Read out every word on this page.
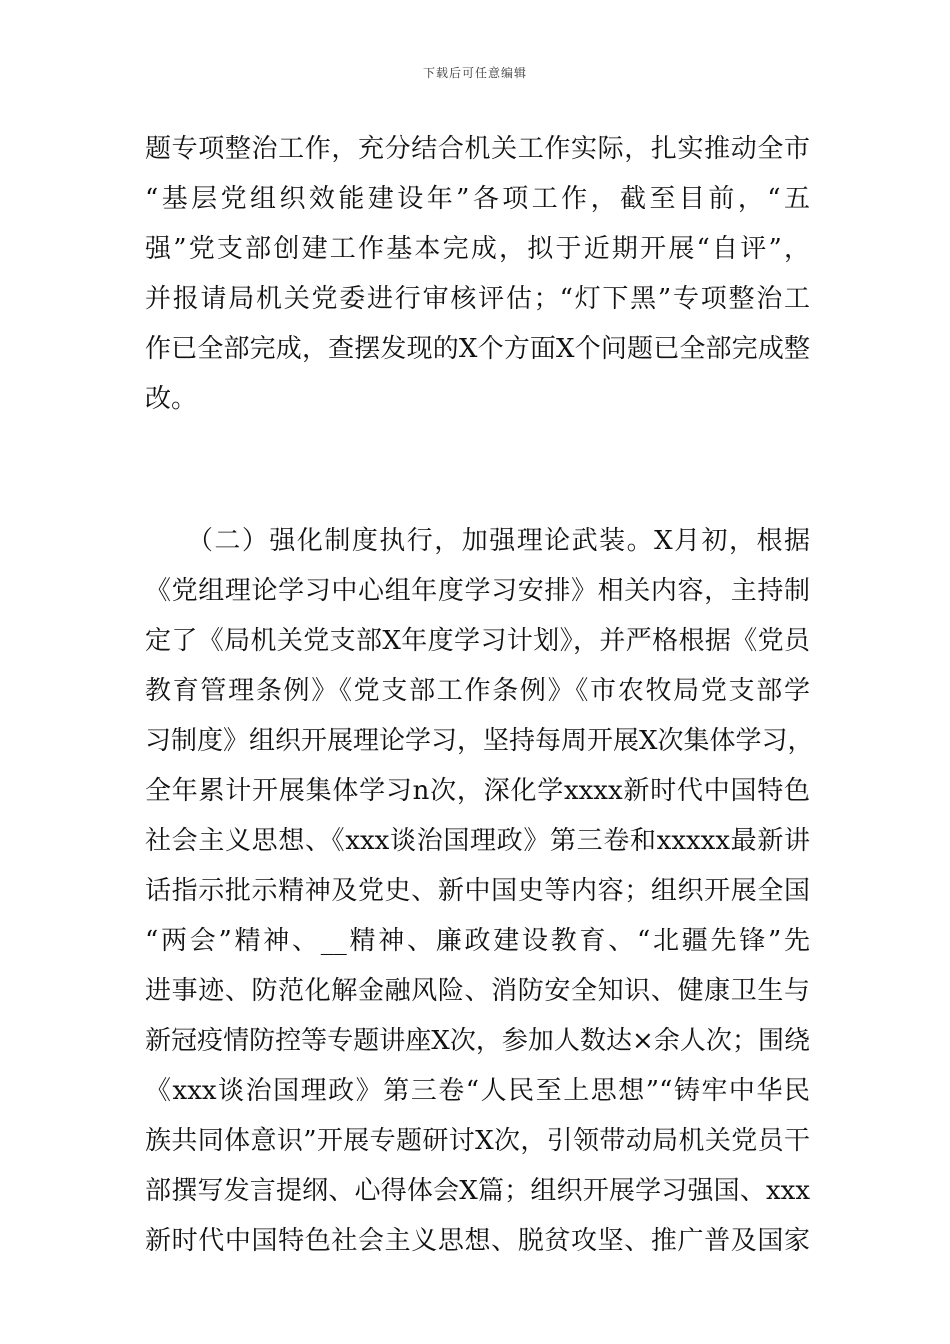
下载后可任意编辑
题专项整治工作，充分结合机关工作实际，扎实推动全市
“基层党组织效能建设年”各项工作，截至目前，“五
强”党支部创建工作基本完成，拟于近期开展“自评”，
并报请局机关党委进行审核评估；“灯下黑”专项整治工
作已全部完成，查摆发现的X个方面X个问题已全部完成整
改。
　　（二）强化制度执行，加强理论武装。X月初，根据
《党组理论学习中心组年度学习安排》相关内容，主持制
定了《局机关党支部X年度学习计划》，并严格根据《党员
教育管理条例》《党支部工作条例》《市农牧局党支部学
习制度》组织开展理论学习，坚持每周开展X次集体学习，
全年累计开展集体学习n次，深化学xxxx新时代中国特色
社会主义思想、《xxx谈治国理政》第三卷和xxxxx最新讲
话指示批示精神及党史、新中国史等内容；组织开展全国
“两会”精神、__精神、廉政建设教育、“北疆先锋”先
进事迹、防范化解金融风险、消防安全知识、健康卫生与
新冠疫情防控等专题讲座X次，参加人数达×余人次；围绕
《xxx谈治国理政》第三卷“人民至上思想”“铸牢中华民
族共同体意识”开展专题研讨X次，引领带动局机关党员干
部撰写发言提纲、心得体会X篇；组织开展学习强国、xxx
新时代中国特色社会主义思想、脱贫攻坚、推广普及国家
